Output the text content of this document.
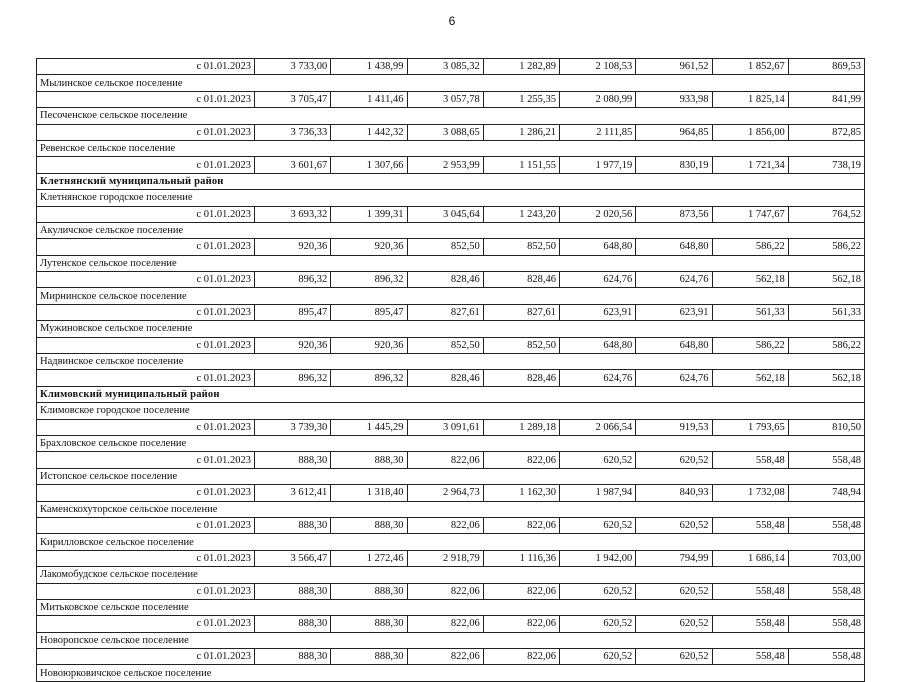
6
с 01.01.2023	3 733,00	1 438,99	3 085,32	1 282,89	2 108,53	961,52	1 852,67	869,53
Мылинское сельское поселение								
с 01.01.2023	3 705,47	1 411,46	3 057,78	1 255,35	2 080,99	933,98	1 825,14	841,99
Песоченское сельское поселение								
с 01.01.2023	3 736,33	1 442,32	3 088,65	1 286,21	2 111,85	964,85	1 856,00	872,85
Ревенское сельское поселение								
с 01.01.2023	3 601,67	1 307,66	2 953,99	1 151,55	1 977,19	830,19	1 721,34	738,19
Клетнянский муниципальный район								
Клетнянское городское поселение								
с 01.01.2023	3 693,32	1 399,31	3 045,64	1 243,20	2 020,56	873,56	1 747,67	764,52
Акуличское сельское поселение								
с 01.01.2023	920,36	920,36	852,50	852,50	648,80	648,80	586,22	586,22
Лутенское сельское поселение								
с 01.01.2023	896,32	896,32	828,46	828,46	624,76	624,76	562,18	562,18
Мирнинское сельское поселение								
с 01.01.2023	895,47	895,47	827,61	827,61	623,91	623,91	561,33	561,33
Мужиновское сельское поселение								
с 01.01.2023	920,36	920,36	852,50	852,50	648,80	648,80	586,22	586,22
Надвинское сельское поселение								
с 01.01.2023	896,32	896,32	828,46	828,46	624,76	624,76	562,18	562,18
Климовский муниципальный район								
Климовское городское поселение								
с 01.01.2023	3 739,30	1 445,29	3 091,61	1 289,18	2 066,54	919,53	1 793,65	810,50
Брахловское сельское поселение								
с 01.01.2023	888,30	888,30	822,06	822,06	620,52	620,52	558,48	558,48
Истопское сельское поселение								
с 01.01.2023	3 612,41	1 318,40	2 964,73	1 162,30	1 987,94	840,93	1 732,08	748,94
Каменскохуторское сельское поселение								
с 01.01.2023	888,30	888,30	822,06	822,06	620,52	620,52	558,48	558,48
Кирилловское сельское поселение								
с 01.01.2023	3 566,47	1 272,46	2 918,79	1 116,36	1 942,00	794,99	1 686,14	703,00
Лакомобудское сельское поселение								
с 01.01.2023	888,30	888,30	822,06	822,06	620,52	620,52	558,48	558,48
Митьковское сельское поселение								
с 01.01.2023	888,30	888,30	822,06	822,06	620,52	620,52	558,48	558,48
Новоропское сельское поселение								
с 01.01.2023	888,30	888,30	822,06	822,06	620,52	620,52	558,48	558,48
Новоюрковичское сельское поселение								
